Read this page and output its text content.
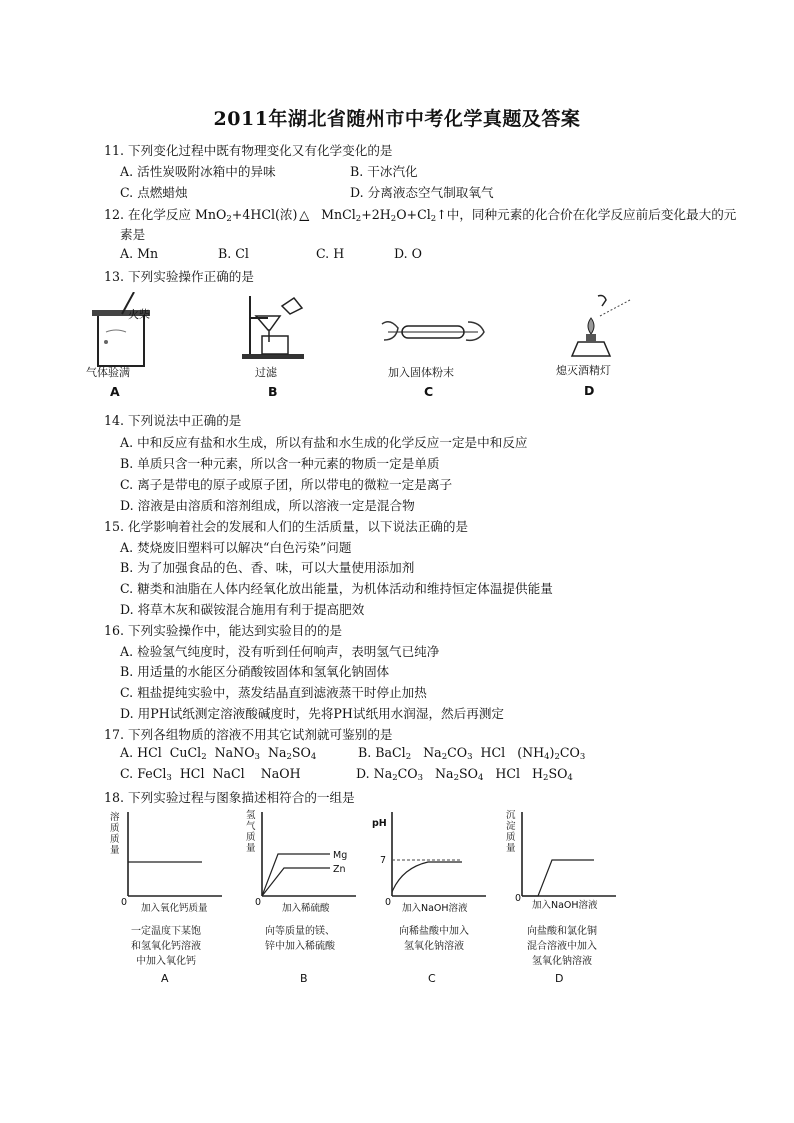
2011年湖北省随州市中考化学真题及答案
11. 下列变化过程中既有物理变化又有化学变化的是
A. 活性炭吸附冰箱中的异味	B. 干冰汽化
C. 点燃蜡烛	D. 分离液态空气制取氧气
12. 在化学反应 MnO$_2$+4HCl(浓) △ $MnCl_2+2H_2O+Cl_2↑$中，同种元素的化合价在化学反应前后变化最大的元
素是
A. Mn	B. Cl	C. H	D. O
13. 下列实验操作正确的是
火柴
气体验满
A
过滤
B
加入固体粉末
C
熄灭酒精灯
D
14. 下列说法中正确的是
A. 中和反应有盐和水生成，所以有盐和水生成的化学反应一定是中和反应
B. 单质只含一种元素，所以含一种元素的物质一定是单质
C. 离子是带电的原子或原子团，所以带电的微粒一定是离子
D. 溶液是由溶质和溶剂组成，所以溶液一定是混合物
15. 化学影响着社会的发展和人们的生活质量，以下说法正确的是
A. 焚烧废旧塑料可以解决“白色污染”问题
B. 为了加强食品的色、香、味，可以大量使用添加剂
C. 糖类和油脂在人体内经氧化放出能量，为机体活动和维持恒定体温提供能量
D. 将草木灰和碳铵混合施用有利于提高肥效
16. 下列实验操作中，能达到实验目的的是
A. 检验氢气纯度时，没有听到任何响声，表明氢气已纯净
B. 用适量的水能区分硝酸铵固体和氢氧化钠固体
C. 粗盐提纯实验中，蒸发结晶直到滤液蒸干时停止加热
D. 用PH试纸测定溶液酸碱度时，先将PH试纸用水润湿，然后再测定
17. 下列各组物质的溶液不用其它试剂就可鉴别的是
A. HCl CuCl$_2$ NaNO$_3$ $Na_2SO_4$	B. BaCl$_2$ $Na_2CO_3$ HCl $(NH_4)_2CO_3$
C. FeCl$_3$ HCl NaCl NaOH	D. $Na_2CO_3$ $Na_2SO_4$ HCl $H_2SO_4$
18. 下列实验过程与图象描述相符合的一组是
溶质质量
0
加入氧化钙质量
一定温度下某饱
和氢氧化钙溶液
中加入氧化钙
A
氢气质量
Mg
Zn
0
加入稀硫酸
向等质量的镁、
锌中加入稀硫酸
B
pH
7
0
加入NaOH溶液
向稀盐酸中加入
氢氧化钠溶液
C
沉淀质量
0
加入NaOH溶液
向盐酸和氯化铜
混合溶液中加入
氢氧化钠溶液
D
